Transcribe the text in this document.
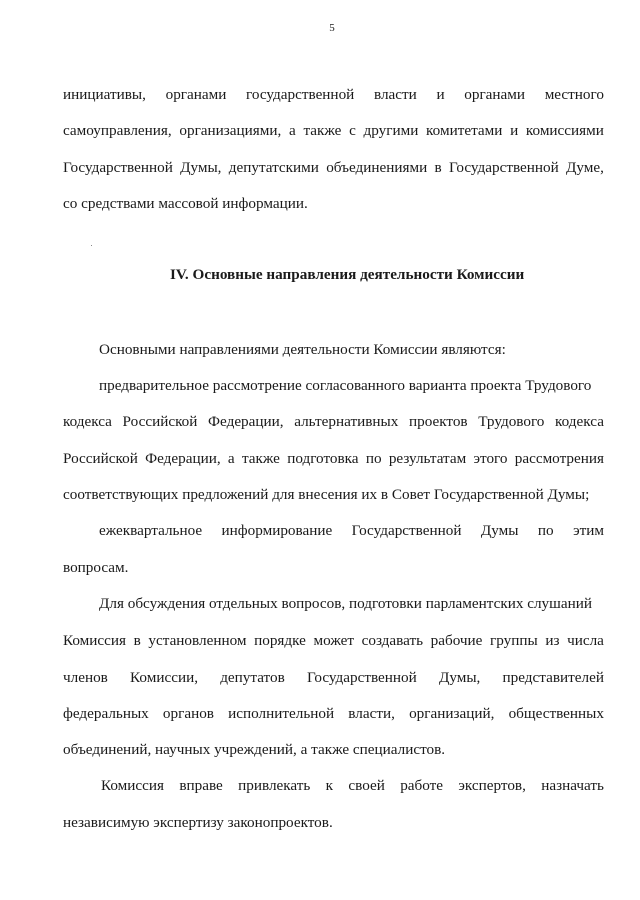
5
инициативы, органами государственной власти и органами местного
самоуправления, организациями, а также с другими комитетами и комиссиями
Государственной Думы, депутатскими объединениями в Государственной Думе,
со средствами массовой информации.
IV. Основные направления деятельности Комиссии
Основными направлениями деятельности Комиссии являются:
предварительное рассмотрение согласованного варианта проекта Трудового
кодекса Российской Федерации, альтернативных проектов Трудового кодекса
Российской Федерации, а также подготовка по результатам этого рассмотрения
соответствующих предложений для внесения их в Совет Государственной Думы;
ежеквартальное информирование Государственной Думы по этим
вопросам.
Для обсуждения отдельных вопросов, подготовки парламентских слушаний
Комиссия в установленном порядке может создавать рабочие группы из числа
членов Комиссии, депутатов Государственной Думы, представителей
федеральных органов исполнительной власти, организаций, общественных
объединений, научных учреждений, а также специалистов.
Комиссия вправе привлекать к своей работе экспертов, назначать
независимую экспертизу законопроектов.
